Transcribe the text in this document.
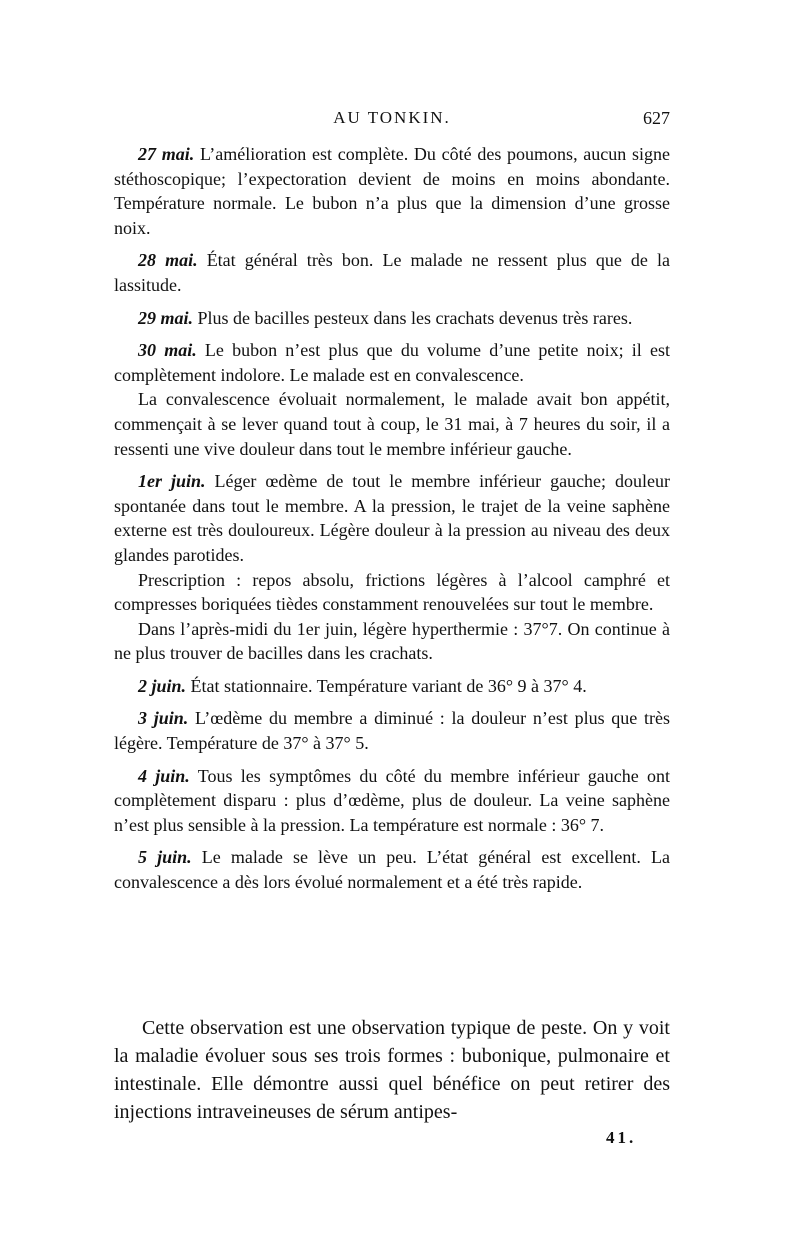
AU TONKIN.	627

27 mai. L’amélioration est complète. Du côté des poumons, aucun signe stéthoscopique; l’expectoration devient de moins en moins abondante. Température normale. Le bubon n’a plus que la dimension d’une grosse noix.

28 mai. État général très bon. Le malade ne ressent plus que de la lassitude.

29 mai. Plus de bacilles pesteux dans les crachats devenus très rares.

30 mai. Le bubon n’est plus que du volume d’une petite noix; il est complètement indolore. Le malade est en convalescence.

La convalescence évoluait normalement, le malade avait bon appétit, commençait à se lever quand tout à coup, le 31 mai, à 7 heures du soir, il a ressenti une vive douleur dans tout le membre inférieur gauche.

1er juin. Léger œdème de tout le membre inférieur gauche; douleur spontanée dans tout le membre. A la pression, le trajet de la veine saphène externe est très douloureux. Légère douleur à la pression au niveau des deux glandes parotides.

Prescription : repos absolu, frictions légères à l’alcool camphré et compresses boriquées tièdes constamment renouvelées sur tout le membre.

Dans l’après-midi du 1er juin, légère hyperthermie : 37°7. On continue à ne plus trouver de bacilles dans les crachats.

2 juin. État stationnaire. Température variant de 36° 9 à 37° 4.

3 juin. L’œdème du membre a diminué : la douleur n’est plus que très légère. Température de 37° à 37° 5.

4 juin. Tous les symptômes du côté du membre inférieur gauche ont complètement disparu : plus d’œdème, plus de douleur. La veine saphène n’est plus sensible à la pression. La température est normale : 36° 7.

5 juin. Le malade se lève un peu. L’état général est excellent. La convalescence a dès lors évolué normalement et a été très rapide.

Cette observation est une observation typique de peste. On y voit la maladie évoluer sous ses trois formes : bubonique, pulmonaire et intestinale. Elle démontre aussi quel bénéfice on peut retirer des injections intraveineuses de sérum antipes-

41.
